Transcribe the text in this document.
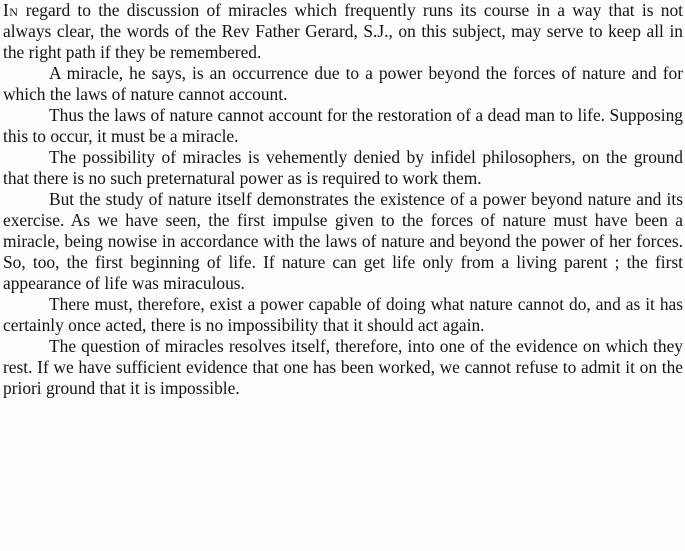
In regard to the discussion of miracles which frequently runs its course in a way that is not always clear, the words of the Rev Father Gerard, S.J., on this subject, may serve to keep all in the right path if they be remembered.

A miracle, he says, is an occurrence due to a power beyond the forces of nature and for which the laws of nature cannot account.

Thus the laws of nature cannot account for the restoration of a dead man to life. Supposing this to occur, it must be a miracle.

The possibility of miracles is vehemently denied by infidel philosophers, on the ground that there is no such preternatural power as is required to work them.

But the study of nature itself demonstrates the existence of a power beyond nature and its exercise. As we have seen, the first impulse given to the forces of nature must have been a miracle, being nowise in accordance with the laws of nature and beyond the power of her forces. So, too, the first beginning of life. If nature can get life only from a living parent ; the first appearance of life was miraculous.

There must, therefore, exist a power capable of doing what nature cannot do, and as it has certainly once acted, there is no impossibility that it should act again.

The question of miracles resolves itself, therefore, into one of the evidence on which they rest. If we have sufficient evidence that one has been worked, we cannot refuse to admit it on the priori ground that it is impossible.
